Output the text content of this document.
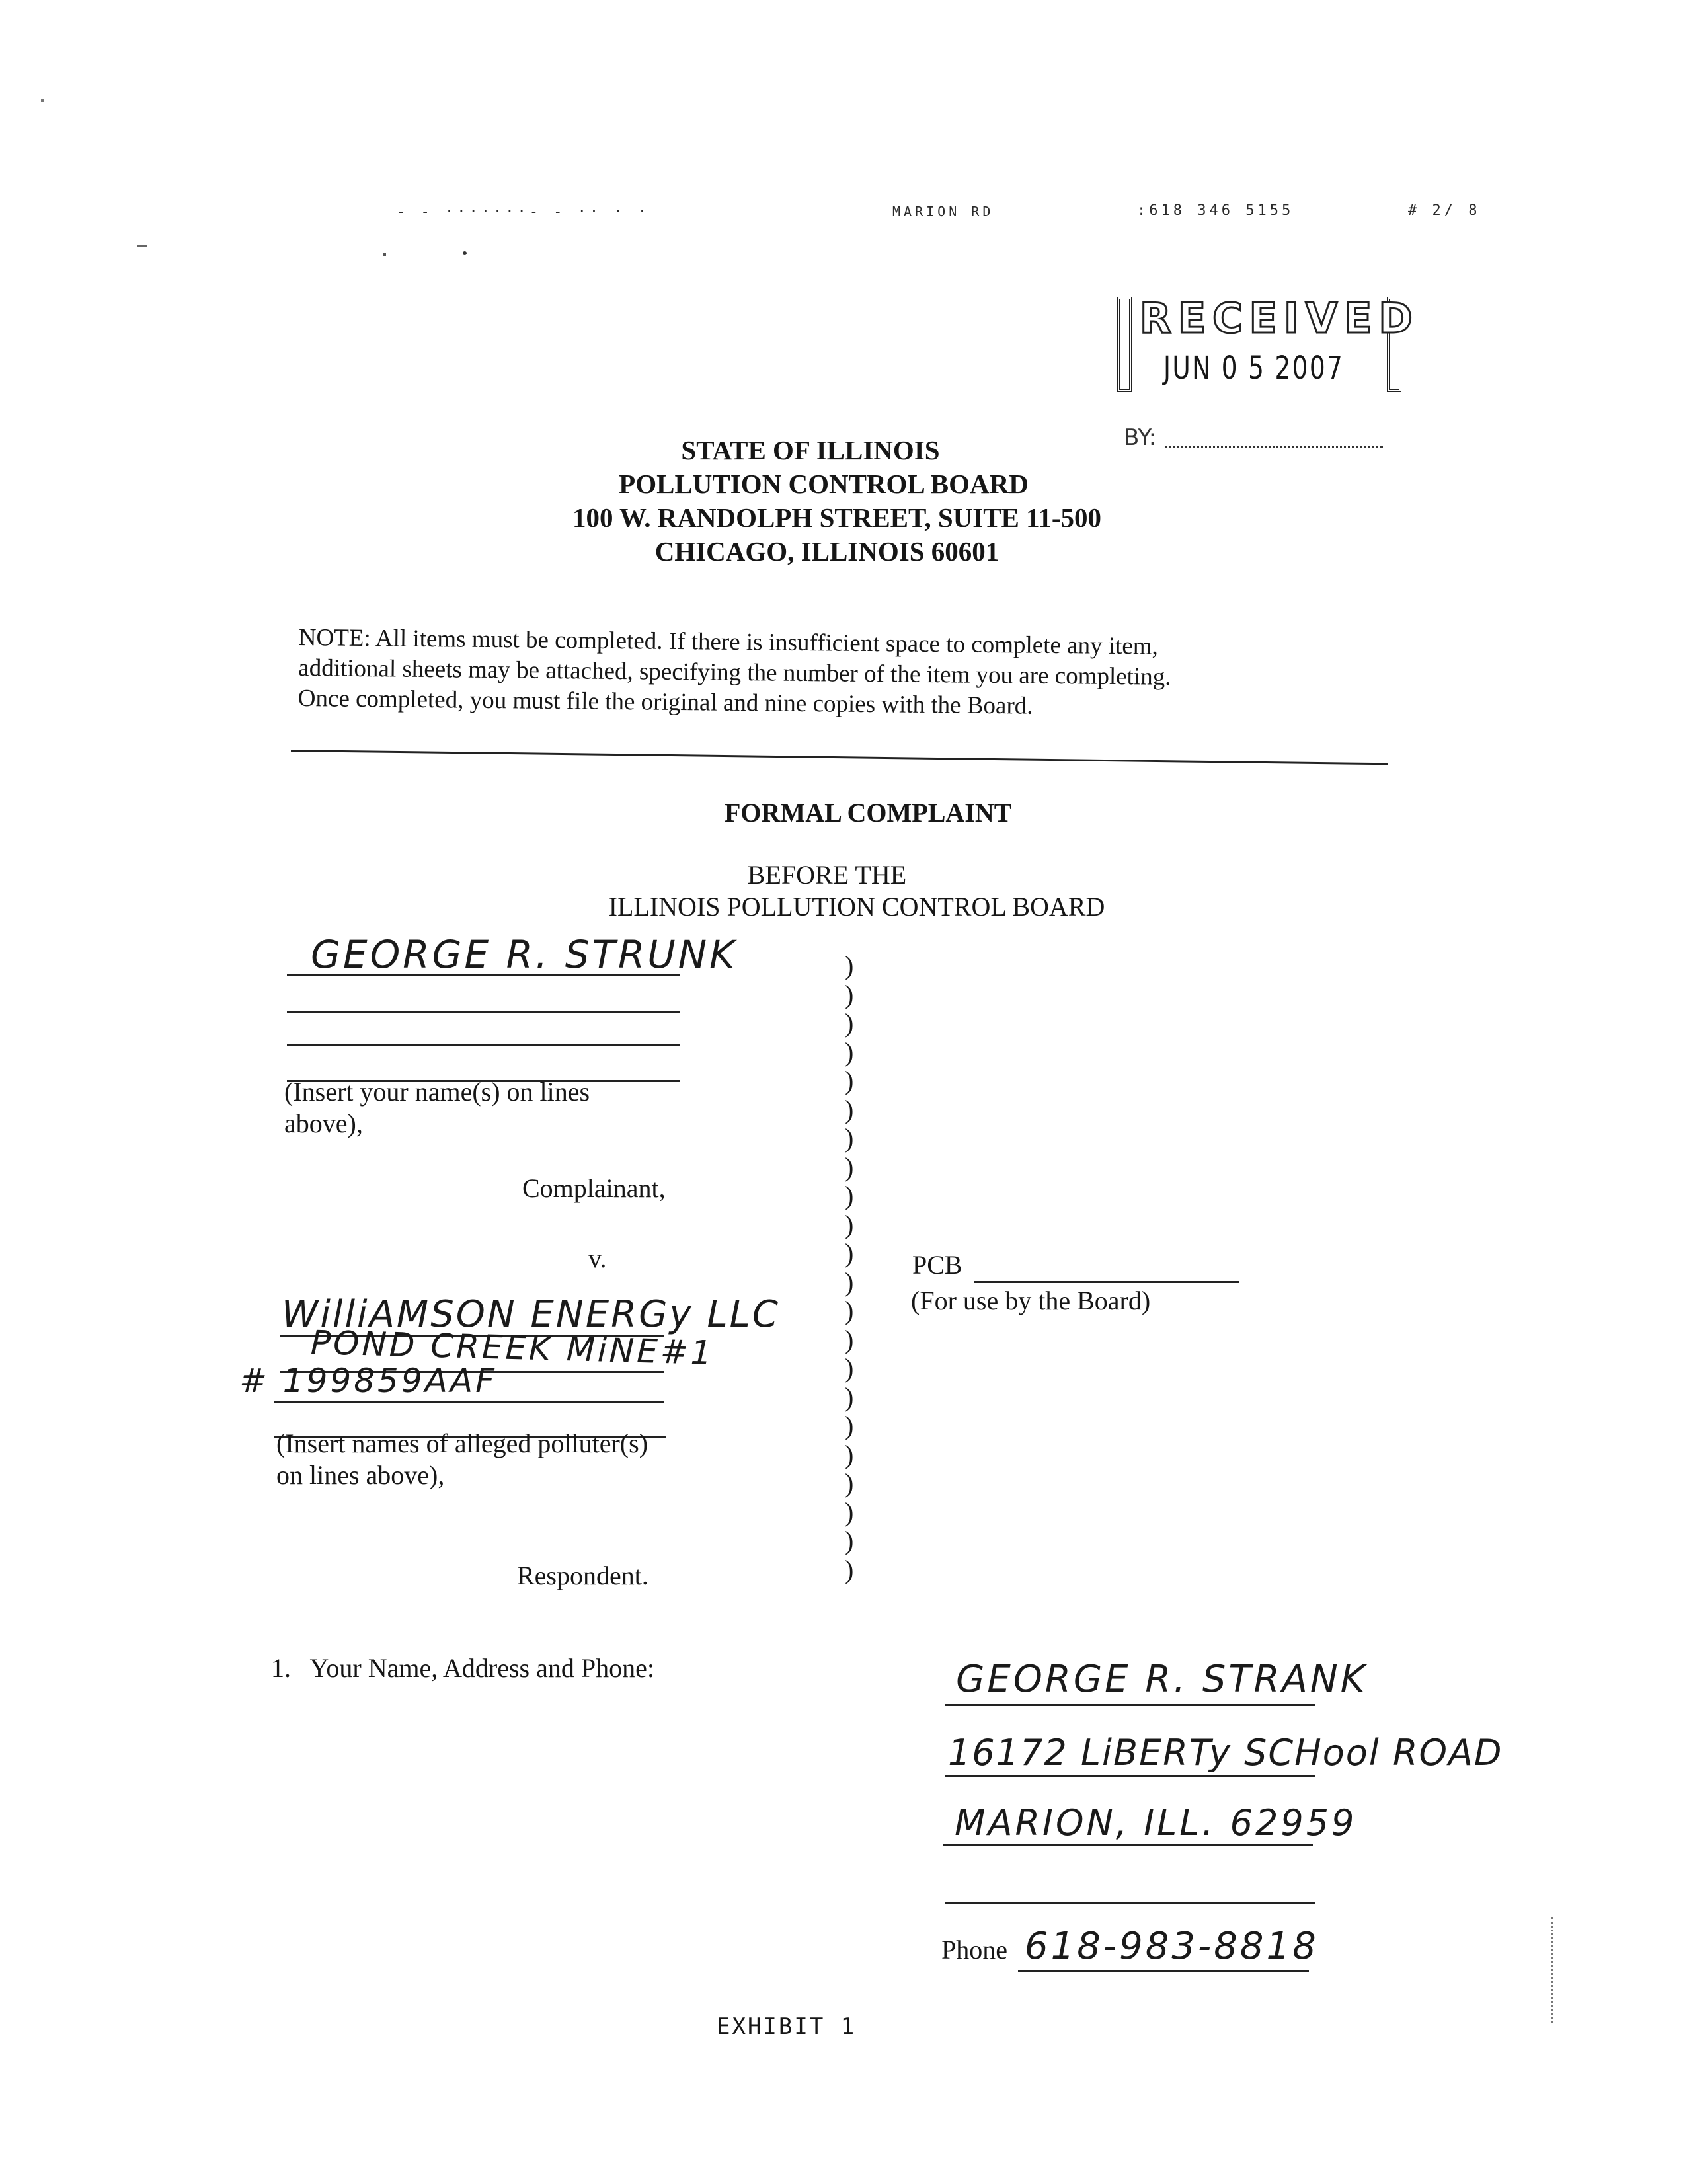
- - ·······- - ·· · ·	MARION RD	:618 346 5155	# 2/ 8
RECEIVED
JUN 0 5 2007
BY:
STATE OF ILLINOIS
POLLUTION CONTROL BOARD
100 W. RANDOLPH STREET, SUITE 11-500
CHICAGO, ILLINOIS 60601
NOTE: All items must be completed. If there is insufficient space to complete any item,
additional sheets may be attached, specifying the number of the item you are completing.
Once completed, you must file the original and nine copies with the Board.
FORMAL COMPLAINT
BEFORE THE
ILLINOIS POLLUTION CONTROL BOARD
GEORGE R. STRUNK
(Insert your name(s) on lines
above),
Complainant,
v.
)
)
)
)
)
)
)
)
)
)
)
)
)
)
)
)
)
)
)
)
)
)
PCB
(For use by the Board)
WilliAMSON ENERGy LLC
POND CREEK MiNE#1
# 199859AAF
(Insert names of alleged polluter(s)
on lines above),
Respondent.
1.   Your Name, Address and Phone:	GEORGE R. STRANK
16172 LiBERTy SCHool ROAD
MARION, ILL. 62959
Phone 618-983-8818
EXHIBIT 1
